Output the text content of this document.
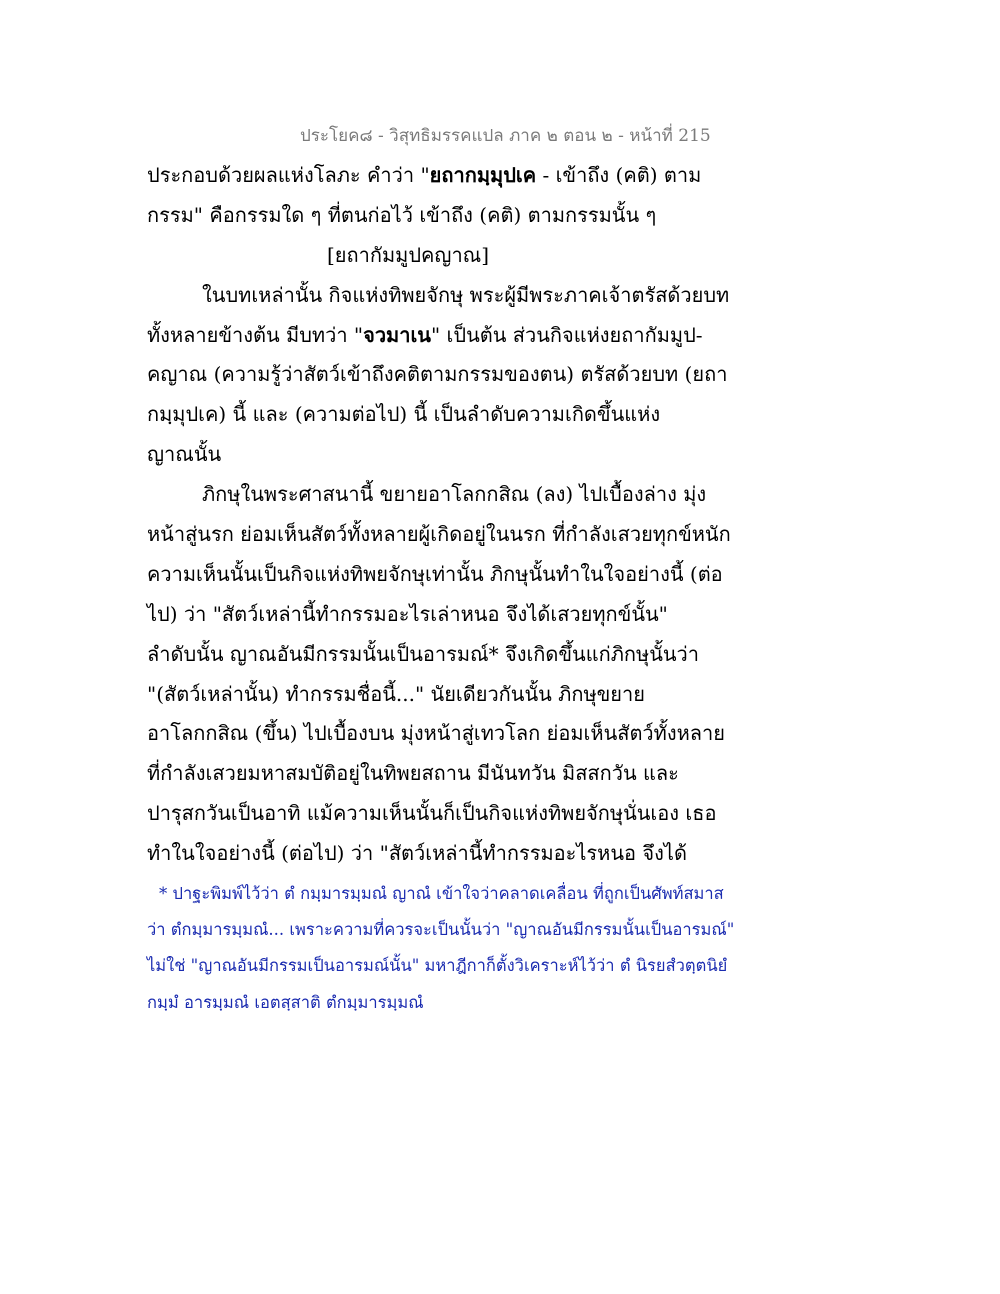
ประโยค๘ - วิสุทธิมรรคแปล ภาค ๒ ตอน ๒ - หน้าที่ 215
ประกอบด้วยผลแห่งโลภะ คำว่า "ยถากมฺมุปเค - เข้าถึง (คติ) ตาม
กรรม" คือกรรมใด ๆ ที่ตนก่อไว้ เข้าถึง (คติ) ตามกรรมนั้น ๆ
[ยถากัมมูปคญาณ]
ในบทเหล่านั้น กิจแห่งทิพยจักษุ พระผู้มีพระภาคเจ้าตรัสด้วยบท
ทั้งหลายข้างต้น มีบทว่า "จวมาเน" เป็นต้น ส่วนกิจแห่งยถากัมมูป-
คญาณ (ความรู้ว่าสัตว์เข้าถึงคติตามกรรมของตน) ตรัสด้วยบท (ยถา
กมฺมุปเค) นี้ และ (ความต่อไป) นี้ เป็นลำดับความเกิดขึ้นแห่ง
ญาณนั้น
ภิกษุในพระศาสนานี้ ขยายอาโลกกสิณ (ลง) ไปเบื้องล่าง มุ่ง
หน้าสู่นรก ย่อมเห็นสัตว์ทั้งหลายผู้เกิดอยู่ในนรก ที่กำลังเสวยทุกข์หนัก
ความเห็นนั้นเป็นกิจแห่งทิพยจักษุเท่านั้น ภิกษุนั้นทำในใจอย่างนี้ (ต่อ
ไป) ว่า "สัตว์เหล่านี้ทำกรรมอะไรเล่าหนอ จึงได้เสวยทุกข์นั้น"
ลำดับนั้น ญาณอันมีกรรมนั้นเป็นอารมณ์* จึงเกิดขึ้นแก่ภิกษุนั้นว่า
"(สัตว์เหล่านั้น) ทำกรรมชื่อนี้..." นัยเดียวกันนั้น ภิกษุขยาย
อาโลกกสิณ (ขึ้น) ไปเบื้องบน มุ่งหน้าสู่เทวโลก ย่อมเห็นสัตว์ทั้งหลาย
ที่กำลังเสวยมหาสมบัติอยู่ในทิพยสถาน มีนันทวัน มิสสกวัน และ
ปารุสกวันเป็นอาทิ แม้ความเห็นนั้นก็เป็นกิจแห่งทิพยจักษุนั่นเอง เธอ
ทำในใจอย่างนี้ (ต่อไป) ว่า "สัตว์เหล่านี้ทำกรรมอะไรหนอ จึงได้
* ปาฐะพิมพ์ไว้ว่า ตํ กมฺมารมฺมณํ ญาณํ เข้าใจว่าคลาดเคลื่อน ที่ถูกเป็นศัพท์สมาส
ว่า ตํกมฺมารมฺมณํ... เพราะความที่ควรจะเป็นนั้นว่า "ญาณอันมีกรรมนั้นเป็นอารมณ์"
ไม่ใช่ "ญาณอันมีกรรมเป็นอารมณ์นั้น" มหาฎีกาก็ตั้งวิเคราะห์ไว้ว่า ตํ นิรยสํวตฺตนิยํ
กมฺมํ อารมฺมณํ เอตสฺสาติ ตํกมฺมารมฺมณํ
